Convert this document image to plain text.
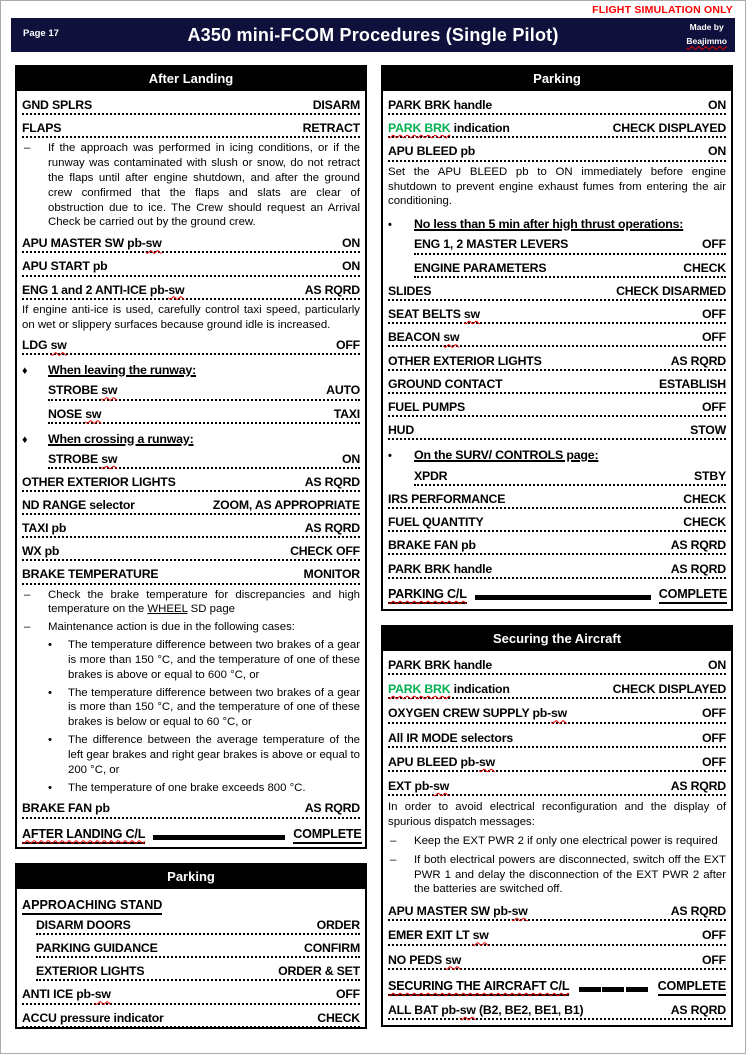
FLIGHT SIMULATION ONLY
Page 17	A350 mini-FCOM Procedures (Single Pilot)	Made by
Beajimmo
After Landing
GND SPLRS	DISARM
FLAPS	RETRACT
–	If the approach was performed in icing conditions, or if the runway was contaminated with slush or snow, do not retract the flaps until after engine shutdown, and after the ground crew confirmed that the flaps and slats are clear of obstruction due to ice. The Crew should request an Arrival Check be carried out by the ground crew.
APU MASTER SW pb-sw	ON
APU START pb	ON
ENG 1 and 2 ANTI-ICE pb-sw	AS RQRD
If engine anti-ice is used, carefully control taxi speed, particularly on wet or slippery surfaces because ground idle is increased.
LDG sw	OFF
♦	When leaving the runway:
STROBE sw	AUTO
NOSE sw	TAXI
♦	When crossing a runway:
STROBE sw	ON
OTHER EXTERIOR LIGHTS	AS RQRD
ND RANGE selector	ZOOM, AS APPROPRIATE
TAXI pb	AS RQRD
WX pb	CHECK OFF
BRAKE TEMPERATURE	MONITOR
–	Check the brake temperature for discrepancies and high temperature on the WHEEL SD page
–	Maintenance action is due in the following cases:
•	The temperature difference between two brakes of a gear is more than 150 °C, and the temperature of one of these brakes is above or equal to 600 °C, or
•	The temperature difference between two brakes of a gear is more than 150 °C, and the temperature of one of these brakes is below or equal to 60 °C, or
•	The difference between the average temperature of the left gear brakes and right gear brakes is above or equal to 200 °C, or
•	The temperature of one brake exceeds 800 °C.
BRAKE FAN pb	AS RQRD
AFTER LANDING C/L	COMPLETE
Parking
APPROACHING STAND
DISARM DOORS	ORDER
PARKING GUIDANCE	CONFIRM
EXTERIOR LIGHTS	ORDER & SET
ANTI ICE pb-sw	OFF
ACCU pressure indicator	CHECK
Parking
PARK BRK handle	ON
PARK BRK indication	CHECK DISPLAYED
APU BLEED pb	ON
Set the APU BLEED pb to ON immediately before engine shutdown to prevent engine exhaust fumes from entering the air conditioning.
•	No less than 5 min after high thrust operations:
ENG 1, 2 MASTER LEVERS	OFF
ENGINE PARAMETERS	CHECK
SLIDES	CHECK DISARMED
SEAT BELTS sw	OFF
BEACON sw	OFF
OTHER EXTERIOR LIGHTS	AS RQRD
GROUND CONTACT	ESTABLISH
FUEL PUMPS	OFF
HUD	STOW
•	On the SURV/ CONTROLS page:
XPDR	STBY
IRS PERFORMANCE	CHECK
FUEL QUANTITY	CHECK
BRAKE FAN pb	AS RQRD
PARK BRK handle	AS RQRD
PARKING C/L	COMPLETE
Securing the Aircraft
PARK BRK handle	ON
PARK BRK indication	CHECK DISPLAYED
OXYGEN CREW SUPPLY pb-sw	OFF
All IR MODE selectors	OFF
APU BLEED pb-sw	OFF
EXT pb-sw	AS RQRD
In order to avoid electrical reconfiguration and the display of spurious dispatch messages:
–	Keep the EXT PWR 2 if only one electrical power is required
–	If both electrical powers are disconnected, switch off the EXT PWR 1 and delay the disconnection of the EXT PWR 2 after the batteries are switched off.
APU MASTER SW pb-sw	AS RQRD
EMER EXIT LT sw	OFF
NO PEDS sw	OFF
SECURING THE AIRCRAFT C/L	COMPLETE
ALL BAT pb-sw (B2, BE2, BE1, B1)	AS RQRD
